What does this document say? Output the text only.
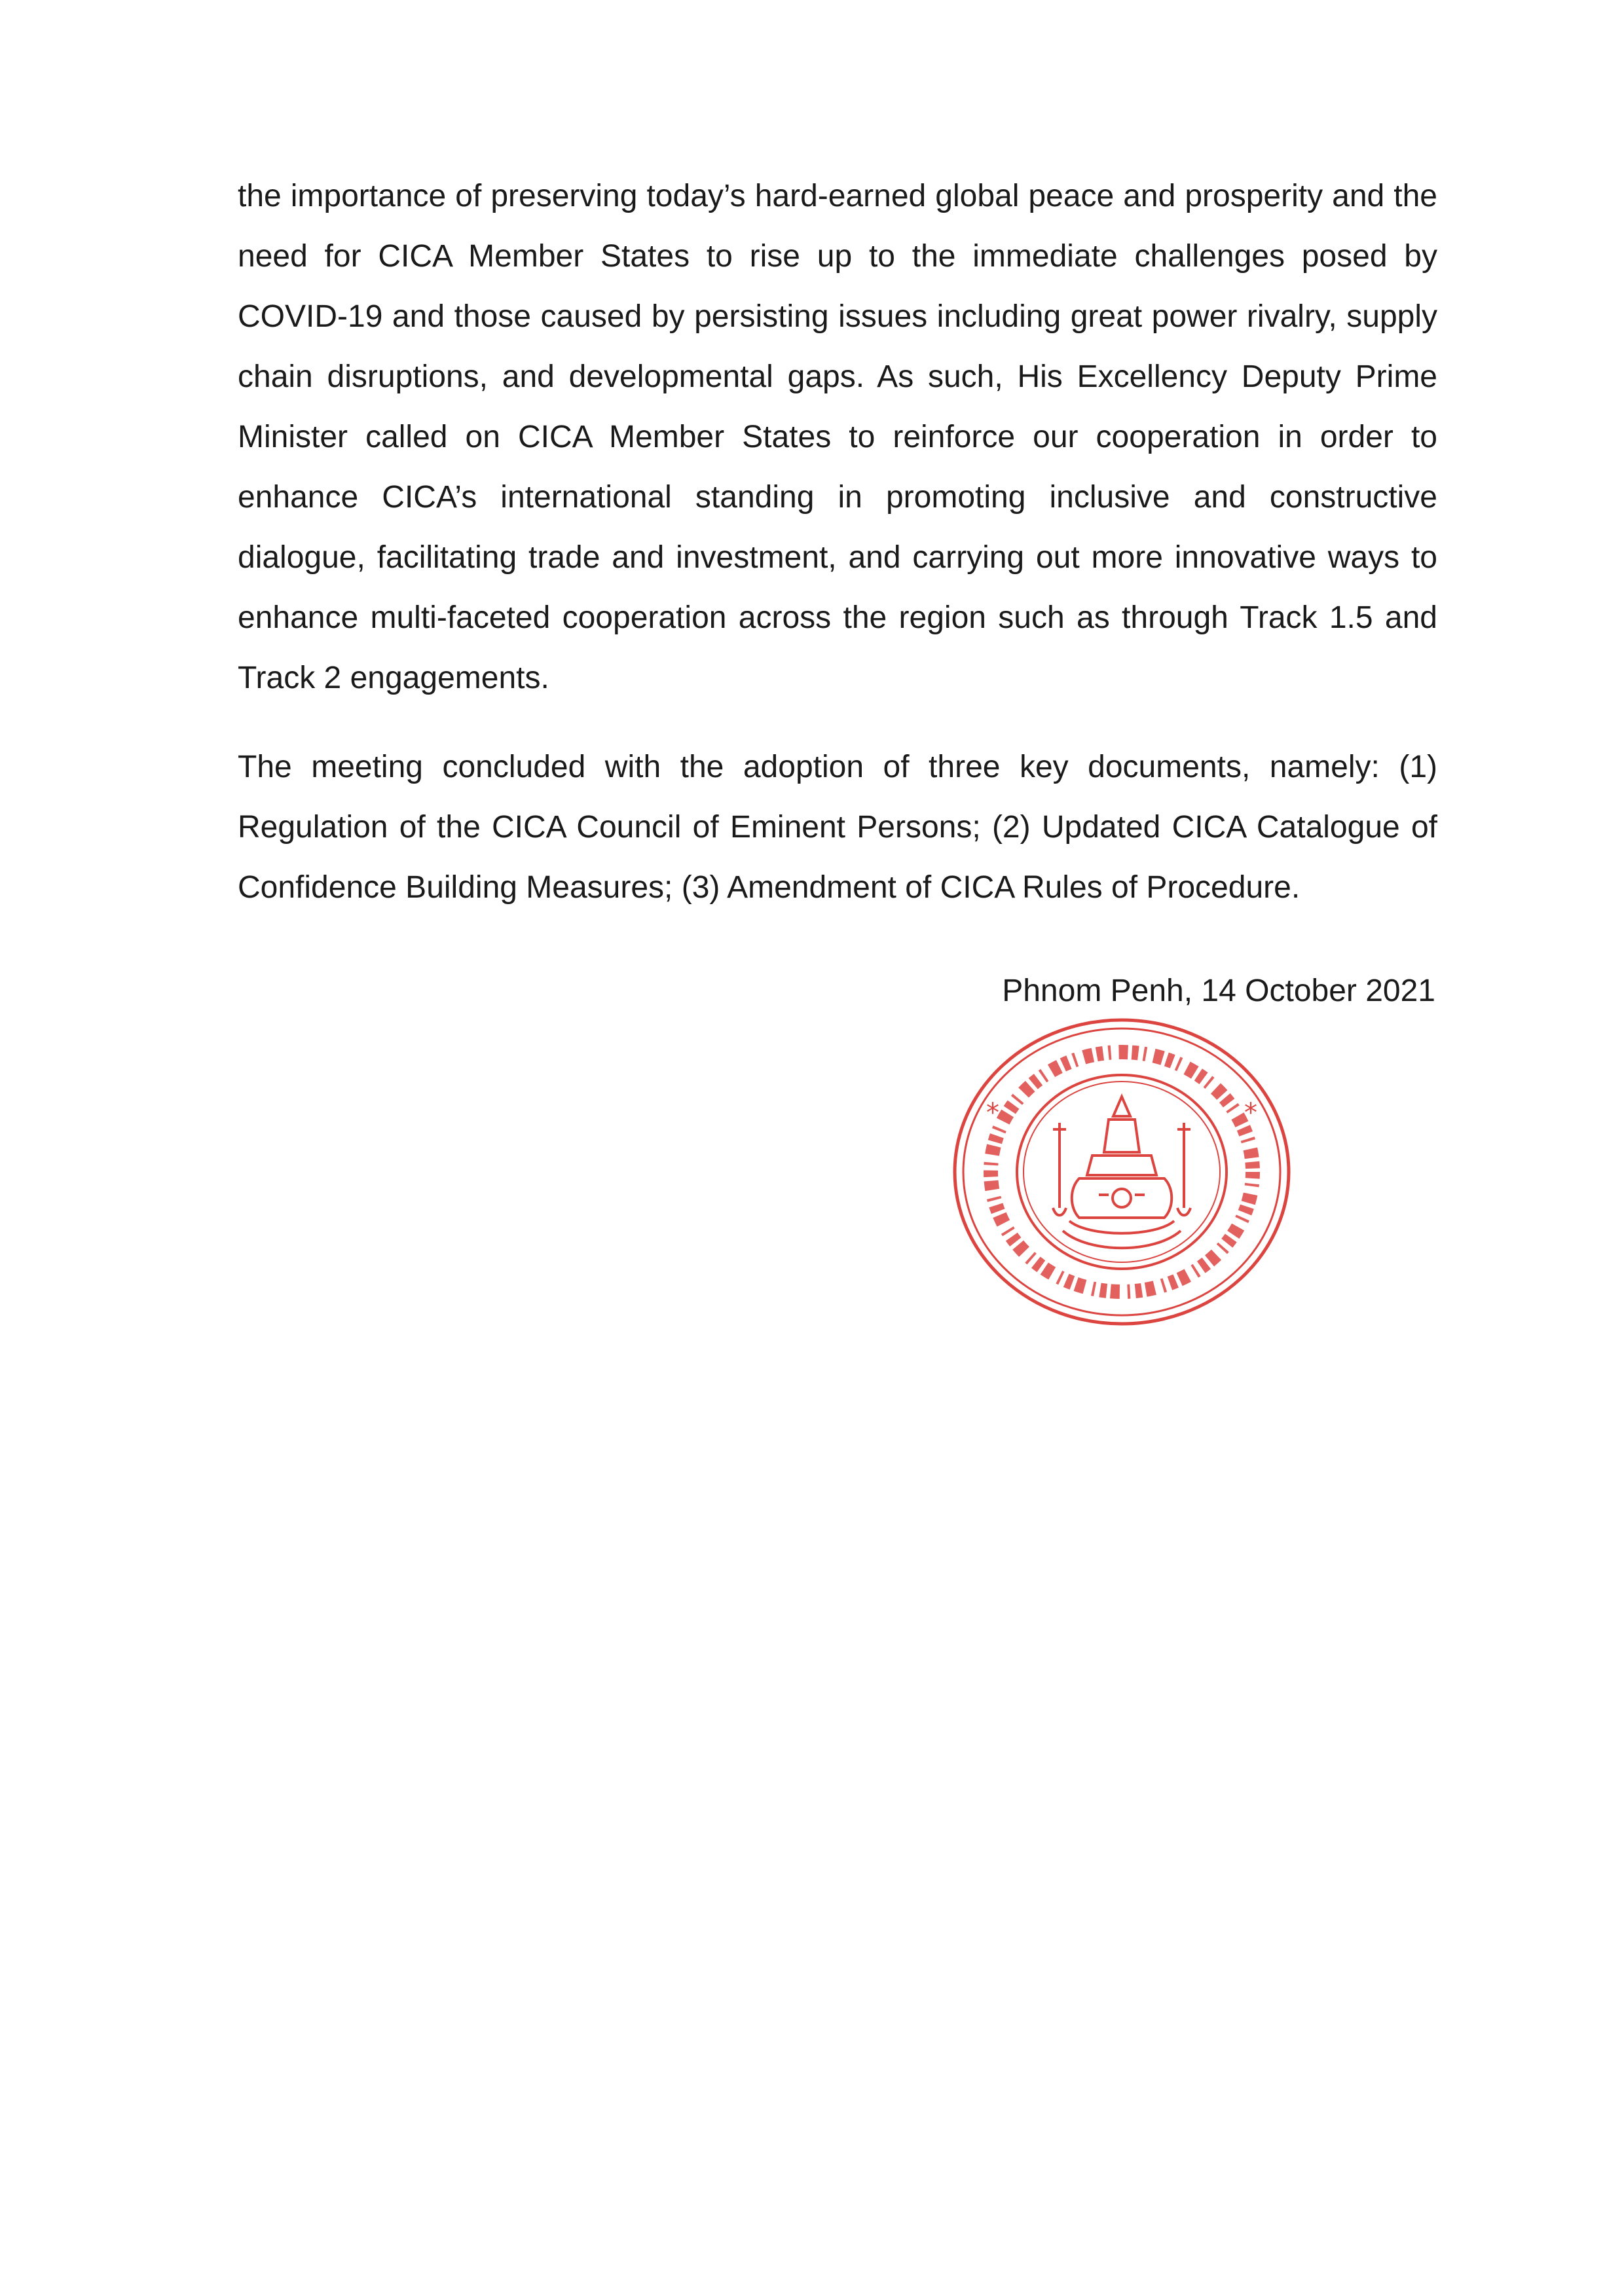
the importance of preserving today’s hard-earned global peace and prosperity and the need for CICA Member States to rise up to the immediate challenges posed by COVID-19 and those caused by persisting issues including great power rivalry, supply chain disruptions, and developmental gaps. As such, His Excellency Deputy Prime Minister called on CICA Member States to reinforce our cooperation in order to enhance CICA’s international standing in promoting inclusive and constructive dialogue, facilitating trade and investment, and carrying out more innovative ways to enhance multi-faceted cooperation across the region such as through Track 1.5 and Track 2 engagements.

The meeting concluded with the adoption of three key documents, namely: (1) Regulation of the CICA Council of Eminent Persons; (2) Updated CICA Catalogue of Confidence Building Measures; (3) Amendment of CICA Rules of Procedure.

Phnom Penh, 14 October 2021

*	*
